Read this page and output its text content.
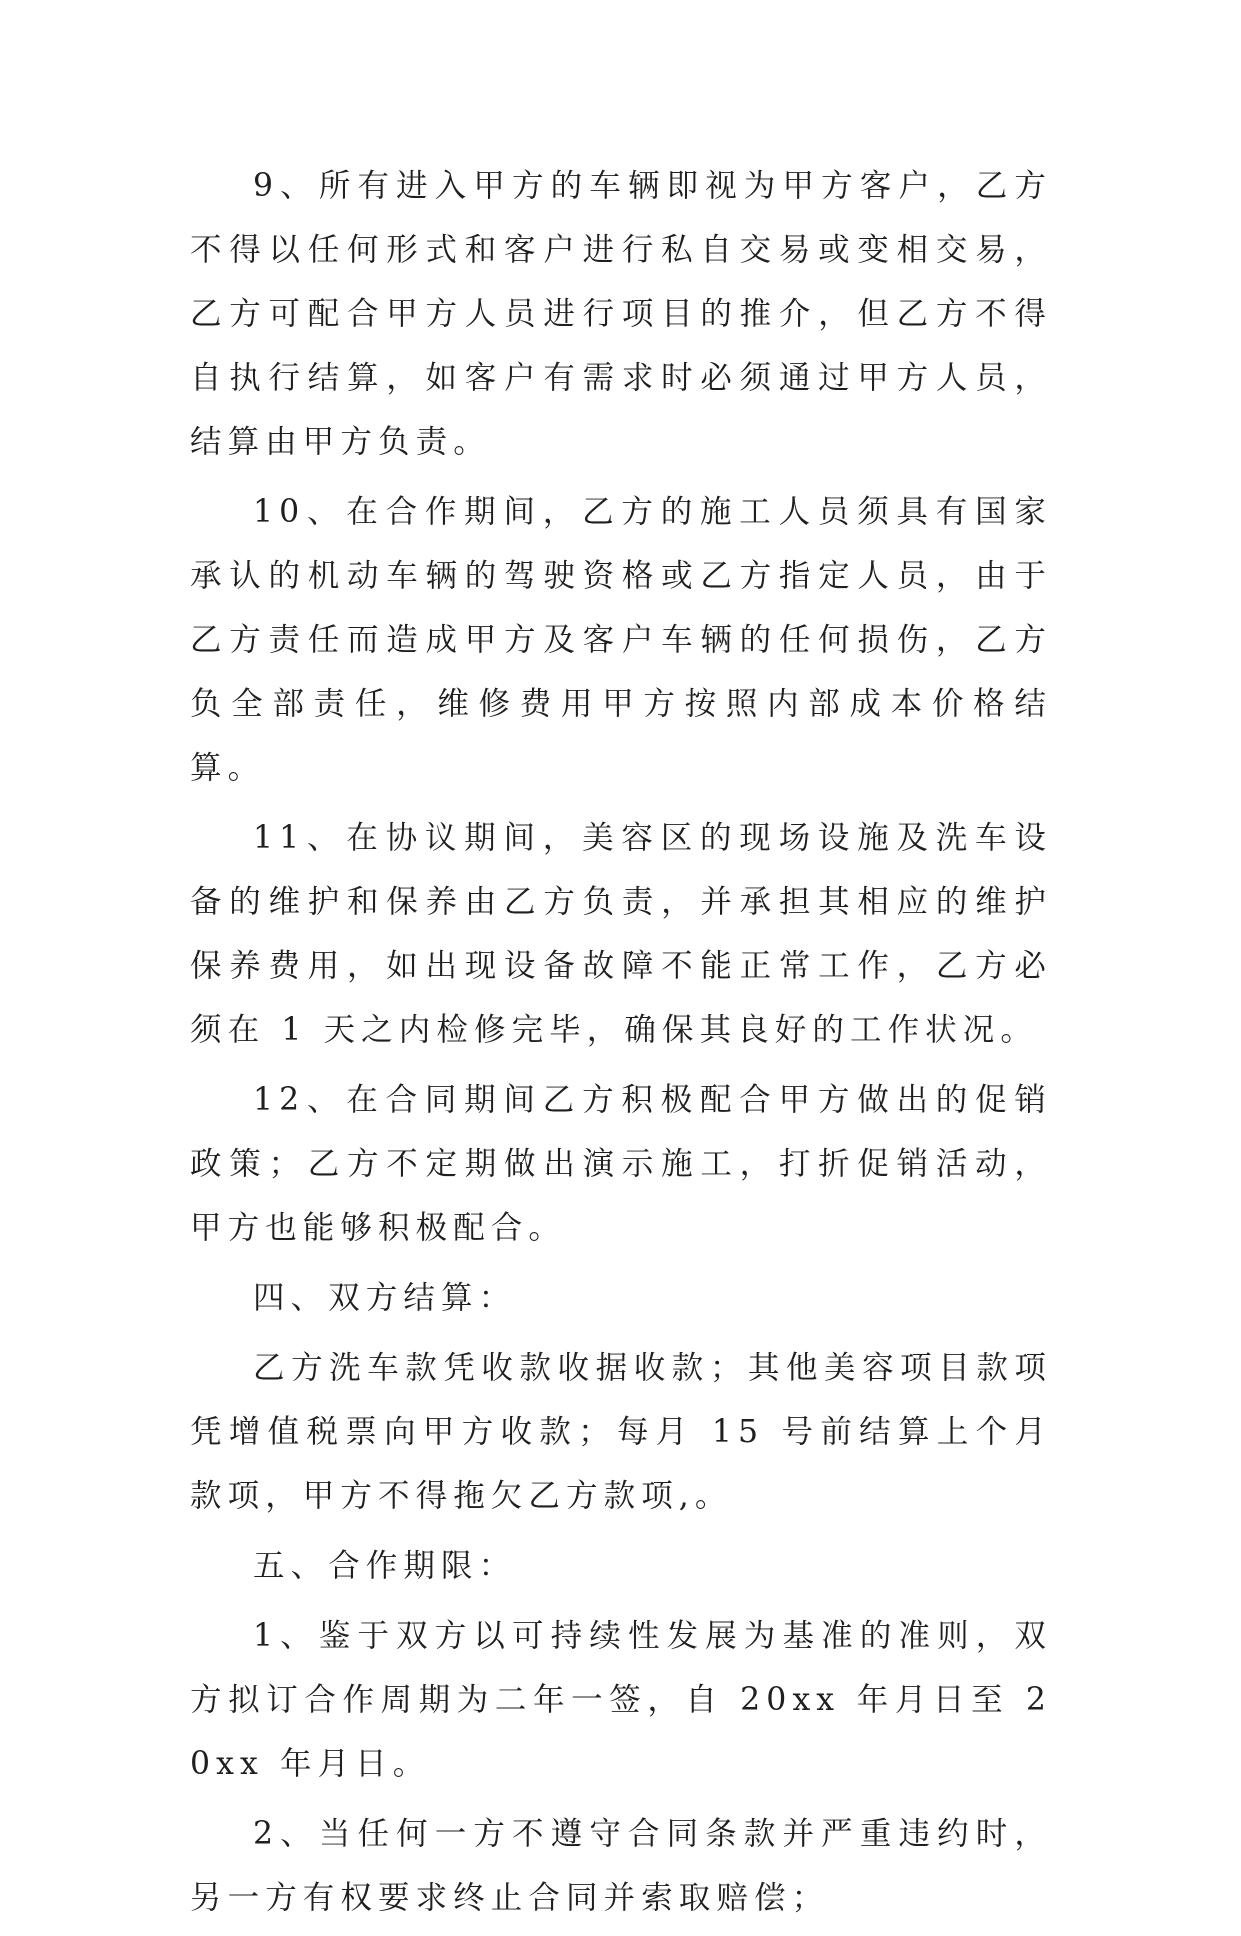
9、所有进入甲方的车辆即视为甲方客户，乙方不得以任何形式和客户进行私自交易或变相交易，乙方可配合甲方人员进行项目的推介，但乙方不得自执行结算，如客户有需求时必须通过甲方人员，结算由甲方负责。

10、在合作期间，乙方的施工人员须具有国家承认的机动车辆的驾驶资格或乙方指定人员，由于乙方责任而造成甲方及客户车辆的任何损伤，乙方负全部责任，维修费用甲方按照内部成本价格结算。

11、在协议期间，美容区的现场设施及洗车设备的维护和保养由乙方负责，并承担其相应的维护保养费用，如出现设备故障不能正常工作，乙方必须在 1 天之内检修完毕，确保其良好的工作状况。

12、在合同期间乙方积极配合甲方做出的促销政策；乙方不定期做出演示施工，打折促销活动，甲方也能够积极配合。

四、双方结算：

乙方洗车款凭收款收据收款；其他美容项目款项凭增值税票向甲方收款；每月 15 号前结算上个月款项，甲方不得拖欠乙方款项,。

五、合作期限：

1、鉴于双方以可持续性发展为基准的准则，双方拟订合作周期为二年一签，自 20xx 年月日至 20xx 年月日。

2、当任何一方不遵守合同条款并严重违约时，另一方有权要求终止合同并索取赔偿；
